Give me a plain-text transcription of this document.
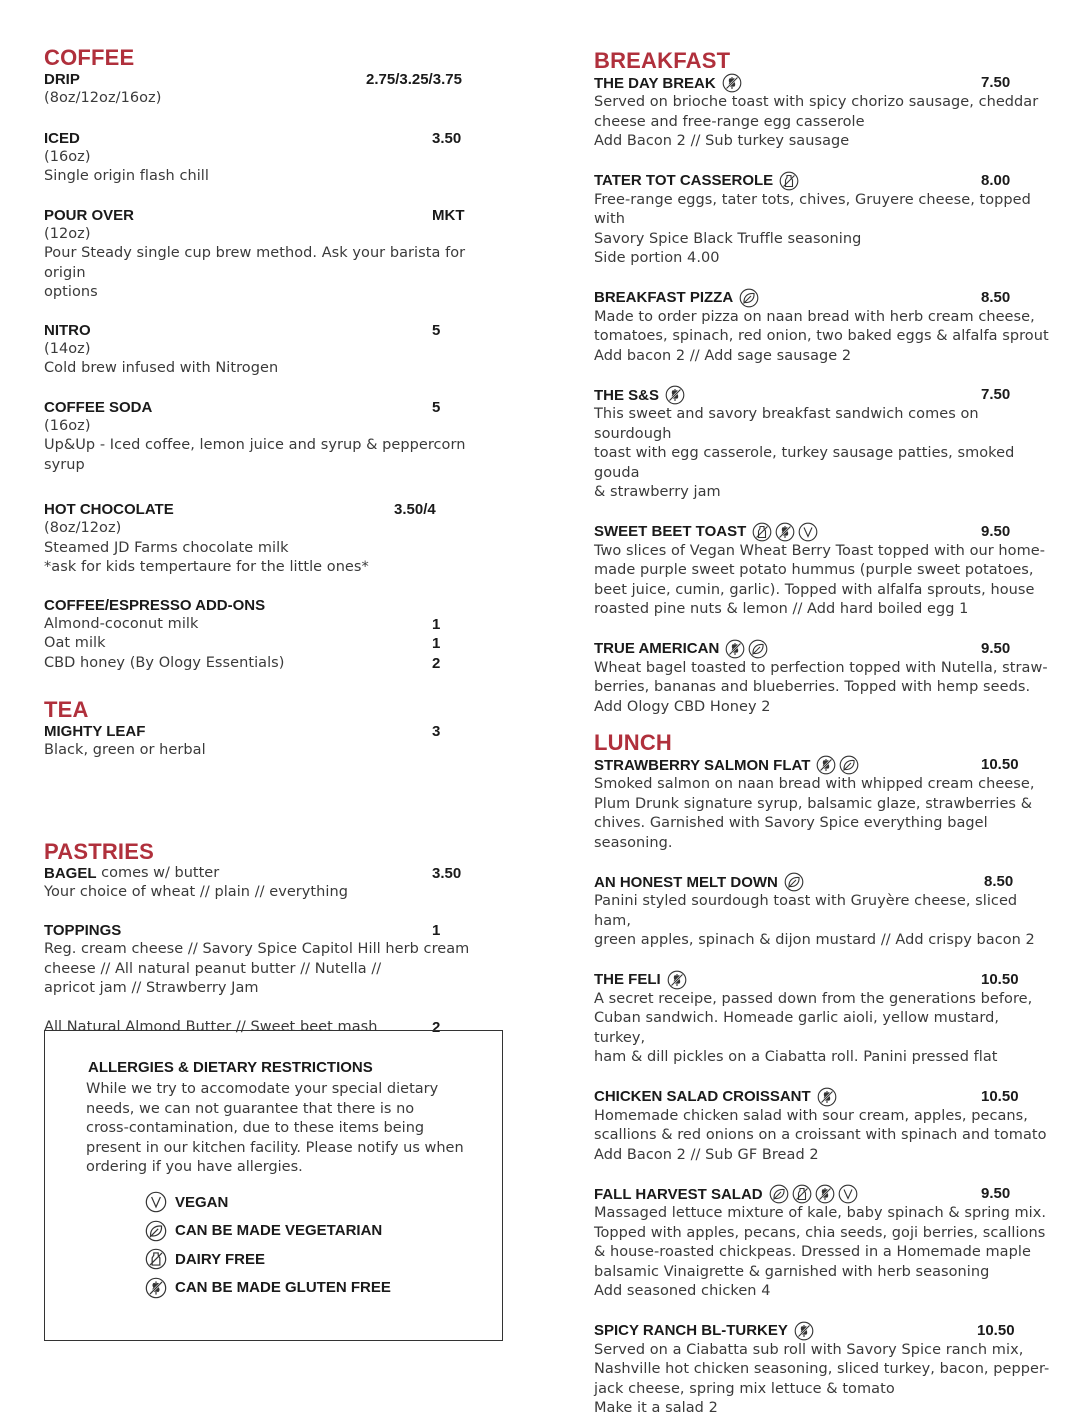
COFFEE
DRIP	2.75/3.25/3.75
(8oz/12oz/16oz)
ICED	3.50
(16oz)
Single origin flash chill
POUR OVER	MKT
(12oz)
Pour Steady single cup brew method. Ask your barista for origin
options
NITRO	5
(14oz)
Cold brew infused with Nitrogen
COFFEE SODA	5
(16oz)
Up&Up - Iced coffee, lemon juice and syrup & peppercorn syrup
HOT CHOCOLATE	3.50/4
(8oz/12oz)
Steamed JD Farms chocolate milk
*ask for kids tempertaure for the little ones*
COFFEE/ESPRESSO ADD-ONS
Almond-coconut milk	1
Oat milk	1
CBD honey (By Ology Essentials)	2
TEA
MIGHTY LEAF	3
Black, green or herbal
PASTRIES
BAGEL comes w/ butter	3.50
Your choice of wheat // plain // everything
TOPPINGS	1
Reg. cream cheese // Savory Spice Capitol Hill herb cream
cheese // All natural peanut butter // Nutella //
apricot jam // Strawberry Jam
All Natural Almond Butter // Sweet beet mash	2
ALLERGIES & DIETARY RESTRICTIONS
While we try to accomodate your special dietary
needs, we can not guarantee that there is no
cross-contamination, due to these items being
present in our kitchen facility. Please notify us when
ordering if you have allergies.
VEGAN
CAN BE MADE VEGETARIAN
DAIRY FREE
CAN BE MADE GLUTEN FREE
BREAKFAST
THE DAY BREAK	7.50
Served on brioche toast with spicy chorizo sausage, cheddar
cheese and free-range egg casserole
Add Bacon 2 // Sub turkey sausage
TATER TOT CASSEROLE	8.00
Free-range eggs, tater tots, chives, Gruyere cheese, topped with
Savory Spice Black Truffle seasoning
Side portion 4.00
BREAKFAST PIZZA	8.50
Made to order pizza on naan bread with herb cream cheese,
tomatoes, spinach, red onion, two baked eggs & alfalfa sprout
Add bacon 2 // Add sage sausage 2
THE S&S	7.50
This sweet and savory breakfast sandwich comes on sourdough
toast with egg casserole, turkey sausage patties, smoked gouda
& strawberry jam
SWEET BEET TOAST	9.50
Two slices of Vegan Wheat Berry Toast topped with our home-
made purple sweet potato hummus (purple sweet potatoes,
beet juice, cumin, garlic). Topped with alfalfa sprouts, house
roasted pine nuts & lemon // Add hard boiled egg 1
TRUE AMERICAN	9.50
Wheat bagel toasted to perfection topped with Nutella, straw-
berries, bananas and blueberries. Topped with hemp seeds.
Add Ology CBD Honey 2
LUNCH
STRAWBERRY SALMON FLAT	10.50
Smoked salmon on naan bread with whipped cream cheese,
Plum Drunk signature syrup, balsamic glaze, strawberries &
chives. Garnished with Savory Spice everything bagel seasoning.
AN HONEST MELT DOWN	8.50
Panini styled sourdough toast with Gruyère cheese, sliced ham,
green apples, spinach & dijon mustard // Add crispy bacon 2
THE FELI	10.50
A secret receipe, passed down from the generations before,
Cuban sandwich. Homeade garlic aioli, yellow mustard, turkey,
ham & dill pickles on a Ciabatta roll. Panini pressed flat
CHICKEN SALAD CROISSANT	10.50
Homemade chicken salad with sour cream, apples, pecans,
scallions & red onions on a croissant with spinach and tomato
Add Bacon 2 // Sub GF Bread 2
FALL HARVEST SALAD	9.50
Massaged lettuce mixture of kale, baby spinach & spring mix.
Topped with apples, pecans, chia seeds, goji berries, scallions
& house-roasted chickpeas. Dressed in a Homemade maple
balsamic Vinaigrette & garnished with herb seasoning
Add seasoned chicken 4
SPICY RANCH BL-TURKEY	10.50
Served on a Ciabatta sub roll with Savory Spice ranch mix,
Nashville hot chicken seasoning, sliced turkey, bacon, pepper-
jack cheese, spring mix lettuce & tomato
Make it a salad 2
